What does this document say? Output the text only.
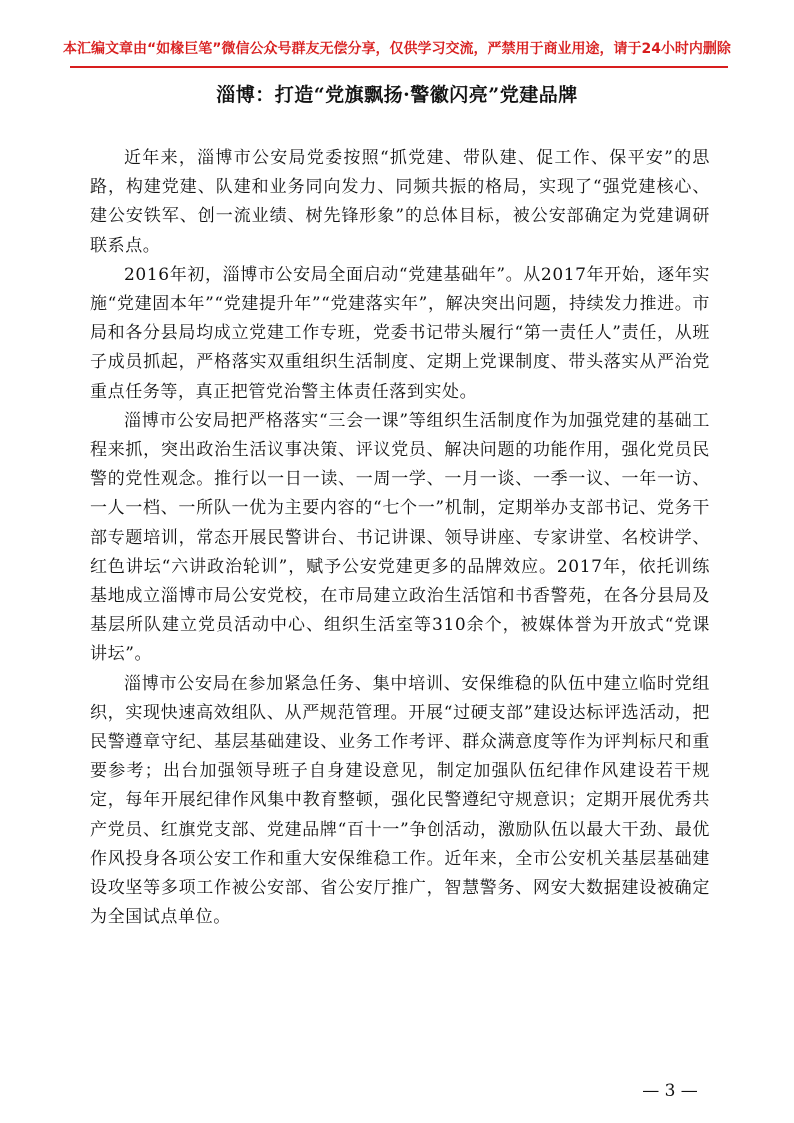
本汇编文章由“如椽巨笔”微信公众号群友无偿分享，仅供学习交流，严禁用于商业用途，请于24小时内删除
淄博：打造“党旗飘扬·警徽闪亮”党建品牌

近年来，淄博市公安局党委按照“抓党建、带队建、促工作、保平安”的思路，构建党建、队建和业务同向发力、同频共振的格局，实现了“强党建核心、建公安铁军、创一流业绩、树先锋形象”的总体目标，被公安部确定为党建调研联系点。

2016年初，淄博市公安局全面启动“党建基础年”。从2017年开始，逐年实施“党建固本年”“党建提升年”“党建落实年”，解决突出问题，持续发力推进。市局和各分县局均成立党建工作专班，党委书记带头履行“第一责任人”责任，从班子成员抓起，严格落实双重组织生活制度、定期上党课制度、带头落实从严治党重点任务等，真正把管党治警主体责任落到实处。

淄博市公安局把严格落实“三会一课”等组织生活制度作为加强党建的基础工程来抓，突出政治生活议事决策、评议党员、解决问题的功能作用，强化党员民警的党性观念。推行以一日一读、一周一学、一月一谈、一季一议、一年一访、一人一档、一所队一优为主要内容的“七个一”机制，定期举办支部书记、党务干部专题培训，常态开展民警讲台、书记讲课、领导讲座、专家讲堂、名校讲学、红色讲坛“六讲政治轮训”，赋予公安党建更多的品牌效应。2017年，依托训练基地成立淄博市局公安党校，在市局建立政治生活馆和书香警苑，在各分县局及基层所队建立党员活动中心、组织生活室等310余个，被媒体誉为开放式“党课讲坛”。

淄博市公安局在参加紧急任务、集中培训、安保维稳的队伍中建立临时党组织，实现快速高效组队、从严规范管理。开展“过硬支部”建设达标评选活动，把民警遵章守纪、基层基础建设、业务工作考评、群众满意度等作为评判标尺和重要参考；出台加强领导班子自身建设意见，制定加强队伍纪律作风建设若干规定，每年开展纪律作风集中教育整顿，强化民警遵纪守规意识；定期开展优秀共产党员、红旗党支部、党建品牌“百十一”争创活动，激励队伍以最大干劲、最优作风投身各项公安工作和重大安保维稳工作。近年来，全市公安机关基层基础建设攻坚等多项工作被公安部、省公安厅推广，智慧警务、网安大数据建设被确定为全国试点单位。

— 3 —
